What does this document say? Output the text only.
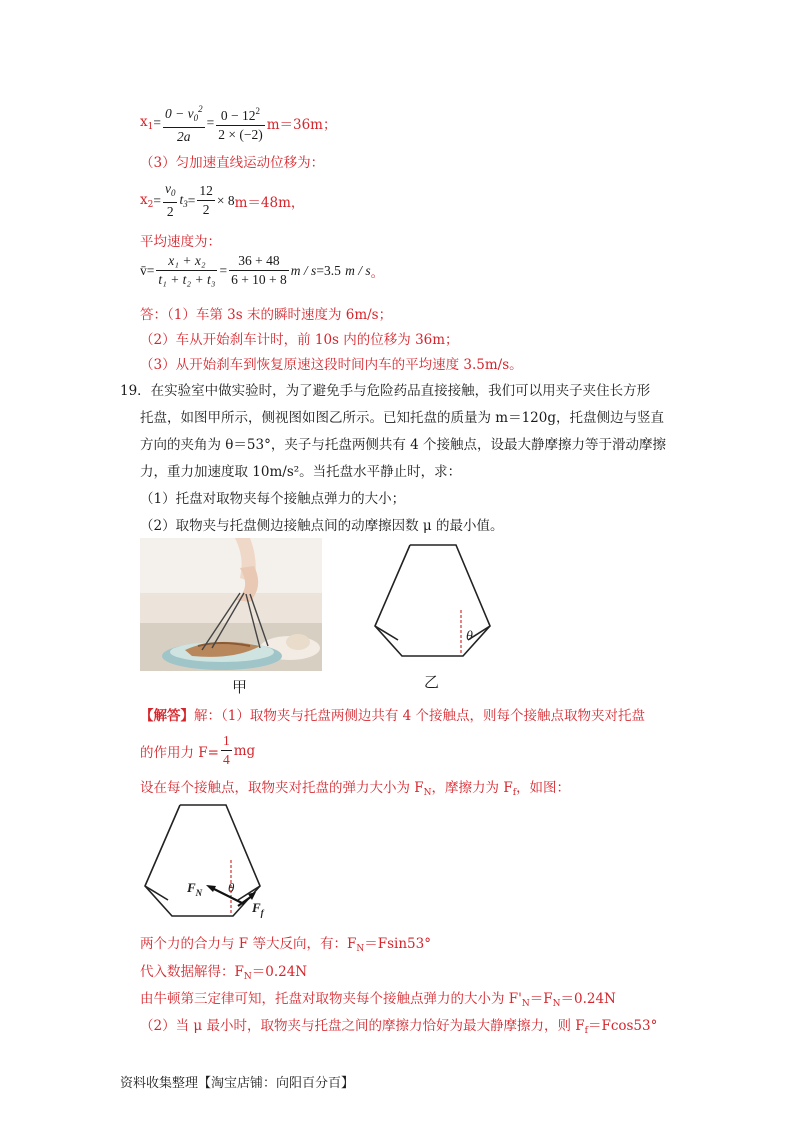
$x_1 = \frac{0 - v_0^2}{2a} = \frac{0 - 12^2}{2 \times (-2)} m=36m$；
（3）匀加速直线运动位移为：
$x_2 = \frac{v_0}{2} t_3 = \frac{12}{2} \times 8$ m＝48m，
平均速度为：
v̄ = $\frac{\text{x₁ + x₂}}{\text{t₁ + t₂ + t₃}} = \frac{36 + 48}{6 + 10 + 8}$ m / s = 3.5
m / s 。
答：（1）车第 3s 末的瞬时速度为 6m/s；
（2）车从开始刹车计时，前 10s 内的位移为 36m；
（3）从开始刹车到恢复原速这段时间内车的平均速度 3.5m/s。
19．在实验室中做实验时，为了避免手与危险药品直接接触，我们可以用夹子夹住长方形
托盘，如图甲所示，侧视图如图乙所示。已知托盘的质量为 m＝120g，托盘侧边与竖直
方向的夹角为 θ＝53°，夹子与托盘两侧共有 4 个接触点，设最大静摩擦力等于滑动摩擦
力，重力加速度取 10m/s²。当托盘水平静止时，求：
（1）托盘对取物夹每个接触点弹力的大小；
（2）取物夹与托盘侧边接触点间的动摩擦因数 μ 的最小值。
甲
θ
乙
【解答】解：（1）取物夹与托盘两侧边共有 4 个接触点，则每个接触点取物夹对托盘
的作用力 $F= \frac{1}{4}$ mg
设在每个接触点，取物夹对托盘的弹力大小为 $F_N$，摩擦力为 $F_f$，如图：
θ
$F_N$
$F_f$
两个力的合力与 F 等大反向，有：$F_N=Fsin53^\circ$
代入数据解得：$F_N=0.24N$
由牛顿第三定律可知，托盘对取物夹每个接触点弹力的大小为 $F'_N=F_N=0.24N$
（2）当 μ 最小时，取物夹与托盘之间的摩擦力恰好为最大静摩擦力，则 $F_f=Fcos53^\circ$
资料收集整理【淘宝店铺：向阳百分百】
